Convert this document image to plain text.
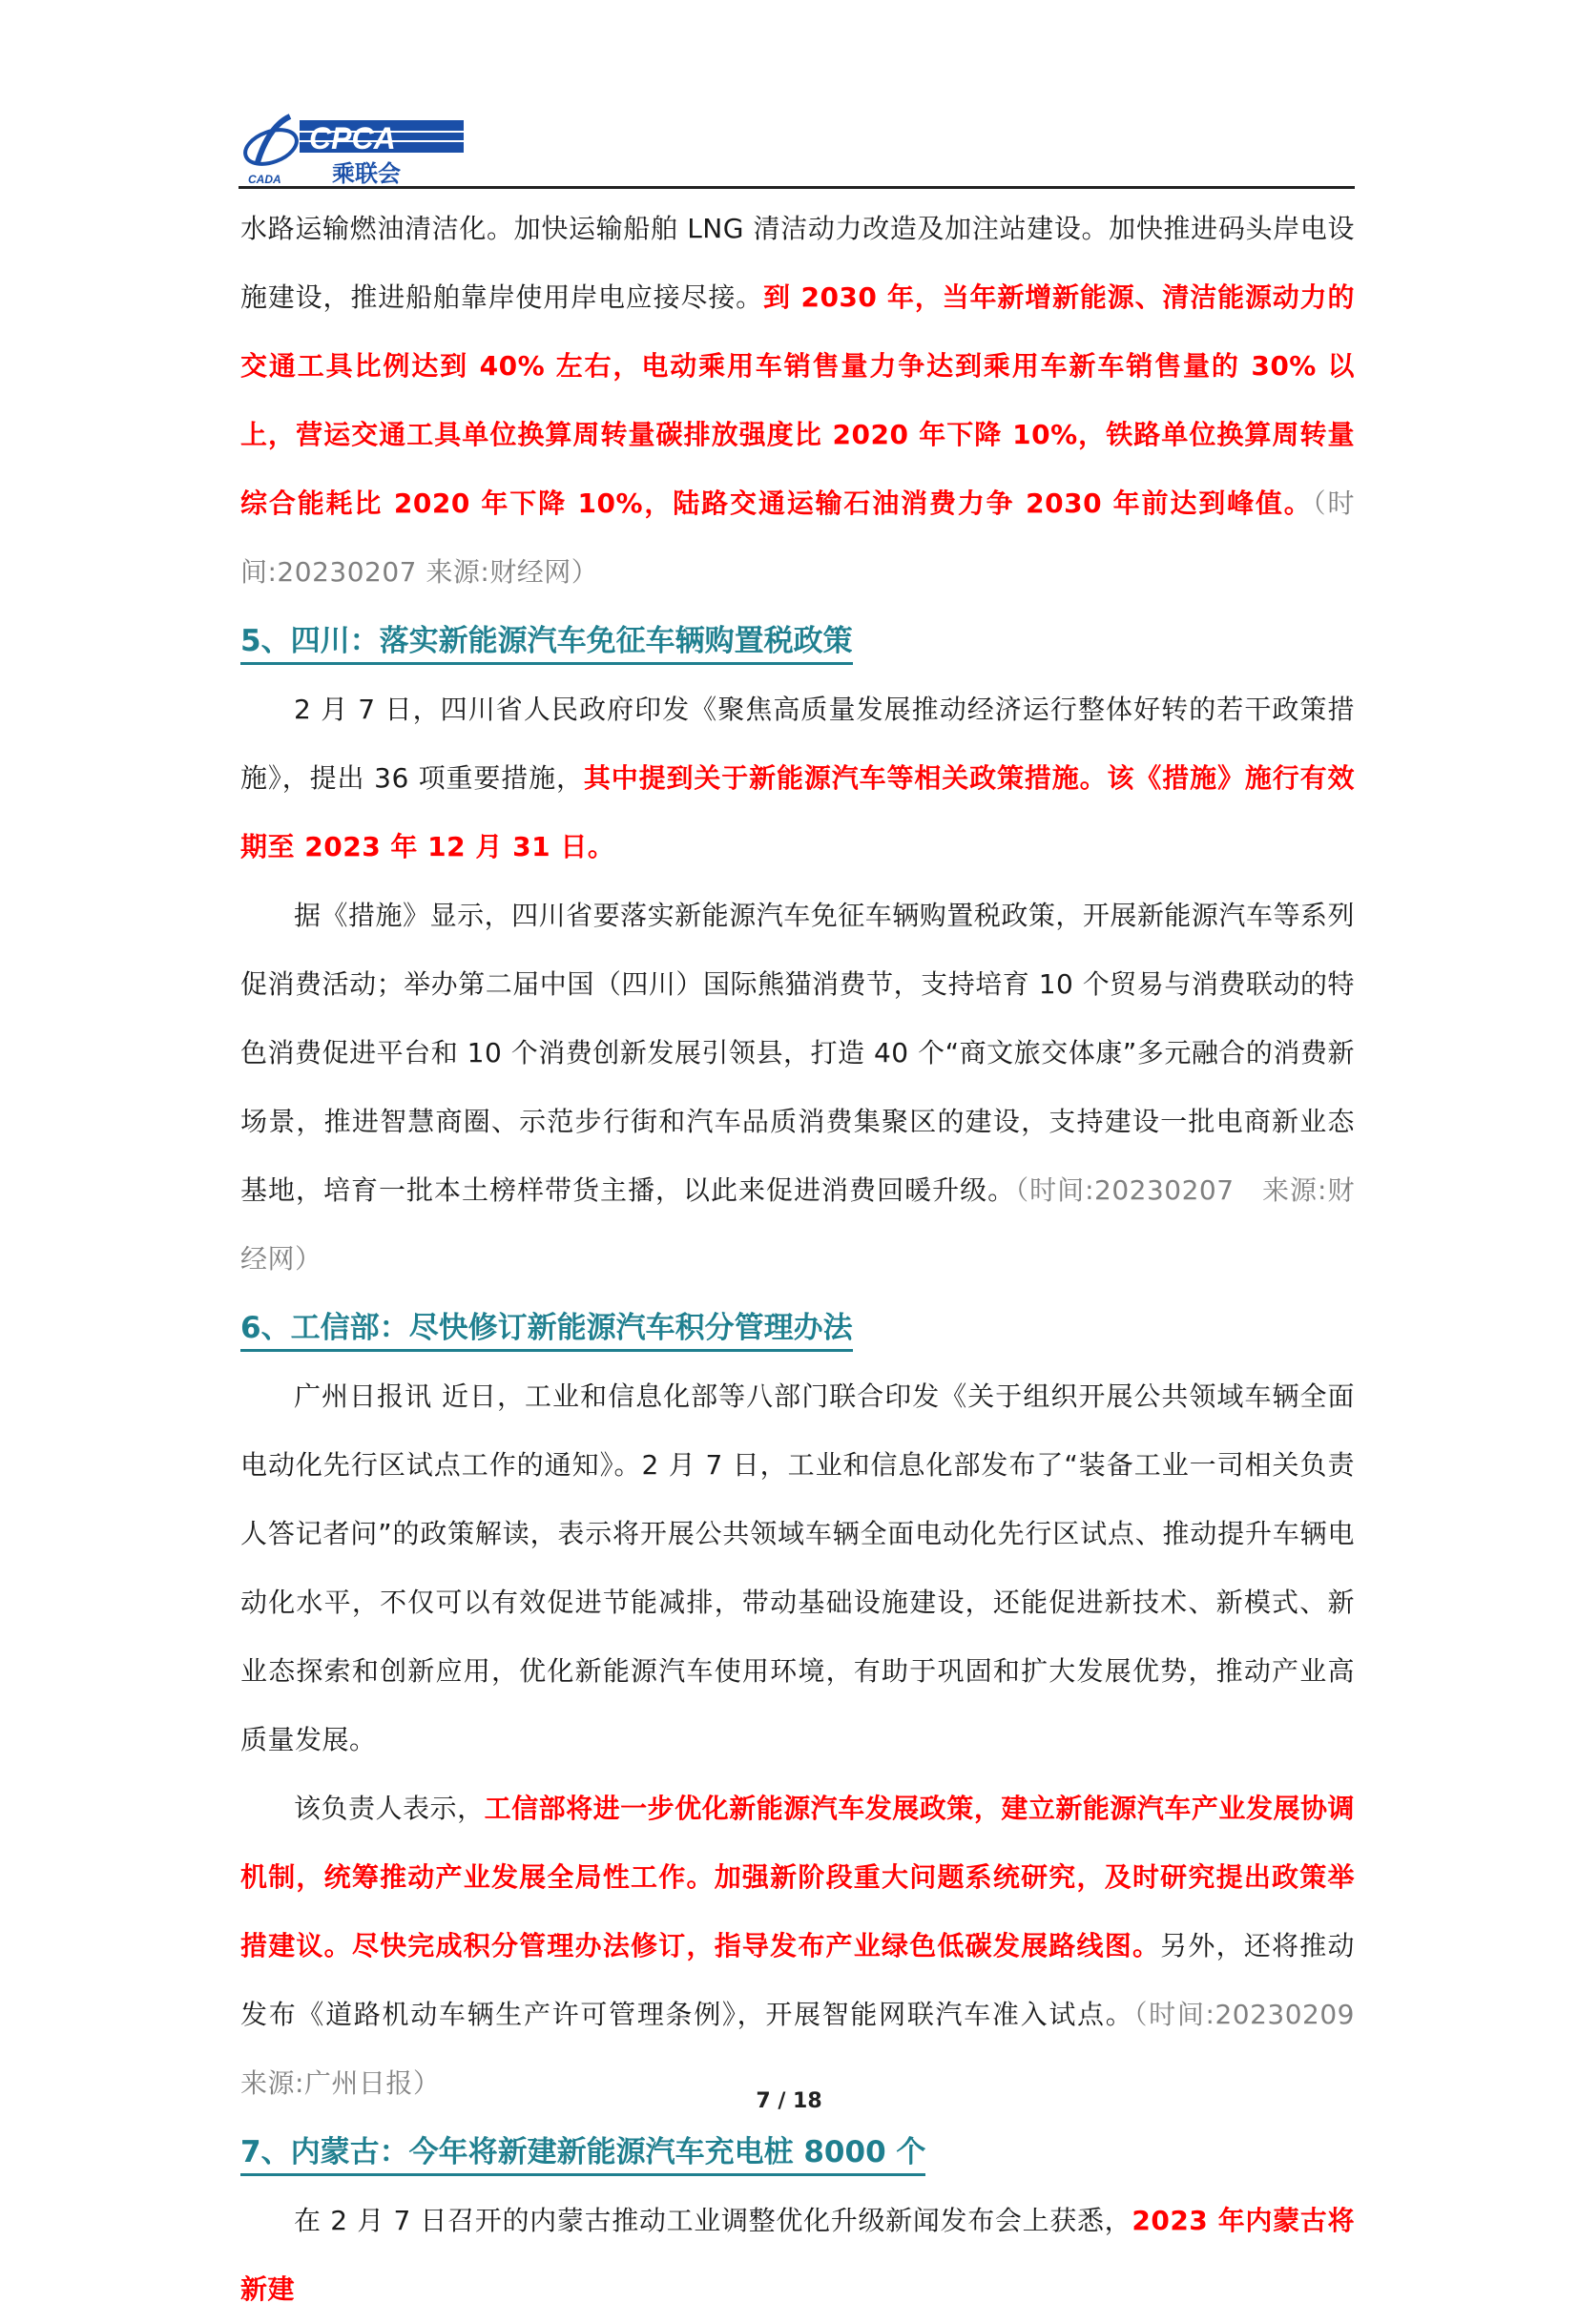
CADA
CPCA
乘联会

水路运输燃油清洁化。加快运输船舶 LNG 清洁动力改造及加注站建设。加快推进码头岸电设施建设，推进船舶靠岸使用岸电应接尽接。到 2030 年，当年新增新能源、清洁能源动力的交通工具比例达到 40% 左右，电动乘用车销售量力争达到乘用车新车销售量的 30% 以上，营运交通工具单位换算周转量碳排放强度比 2020 年下降 10%，铁路单位换算周转量综合能耗比 2020 年下降 10%，陆路交通运输石油消费力争 2030 年前达到峰值。（时间:20230207 来源:财经网）

5、四川：落实新能源汽车免征车辆购置税政策

2 月 7 日，四川省人民政府印发《聚焦高质量发展推动经济运行整体好转的若干政策措施》，提出 36 项重要措施，其中提到关于新能源汽车等相关政策措施。该《措施》施行有效期至 2023 年 12 月 31 日。

据《措施》显示，四川省要落实新能源汽车免征车辆购置税政策，开展新能源汽车等系列促消费活动；举办第二届中国（四川）国际熊猫消费节，支持培育 10 个贸易与消费联动的特色消费促进平台和 10 个消费创新发展引领县，打造 40 个“商文旅交体康”多元融合的消费新场景，推进智慧商圈、示范步行街和汽车品质消费集聚区的建设，支持建设一批电商新业态基地，培育一批本土榜样带货主播，以此来促进消费回暖升级。（时间:20230207　来源:财经网）

6、工信部：尽快修订新能源汽车积分管理办法

广州日报讯 近日，工业和信息化部等八部门联合印发《关于组织开展公共领域车辆全面电动化先行区试点工作的通知》。2 月 7 日，工业和信息化部发布了“装备工业一司相关负责人答记者问”的政策解读，表示将开展公共领域车辆全面电动化先行区试点、推动提升车辆电动化水平，不仅可以有效促进节能减排，带动基础设施建设，还能促进新技术、新模式、新业态探索和创新应用，优化新能源汽车使用环境，有助于巩固和扩大发展优势，推动产业高质量发展。

该负责人表示，工信部将进一步优化新能源汽车发展政策，建立新能源汽车产业发展协调机制，统筹推动产业发展全局性工作。加强新阶段重大问题系统研究，及时研究提出政策举措建议。尽快完成积分管理办法修订，指导发布产业绿色低碳发展路线图。另外，还将推动发布《道路机动车辆生产许可管理条例》，开展智能网联汽车准入试点。（时间:20230209　来源:广州日报）

7、内蒙古：今年将新建新能源汽车充电桩 8000 个

在 2 月 7 日召开的内蒙古推动工业调整优化升级新闻发布会上获悉，2023 年内蒙古将新建

7 / 18
